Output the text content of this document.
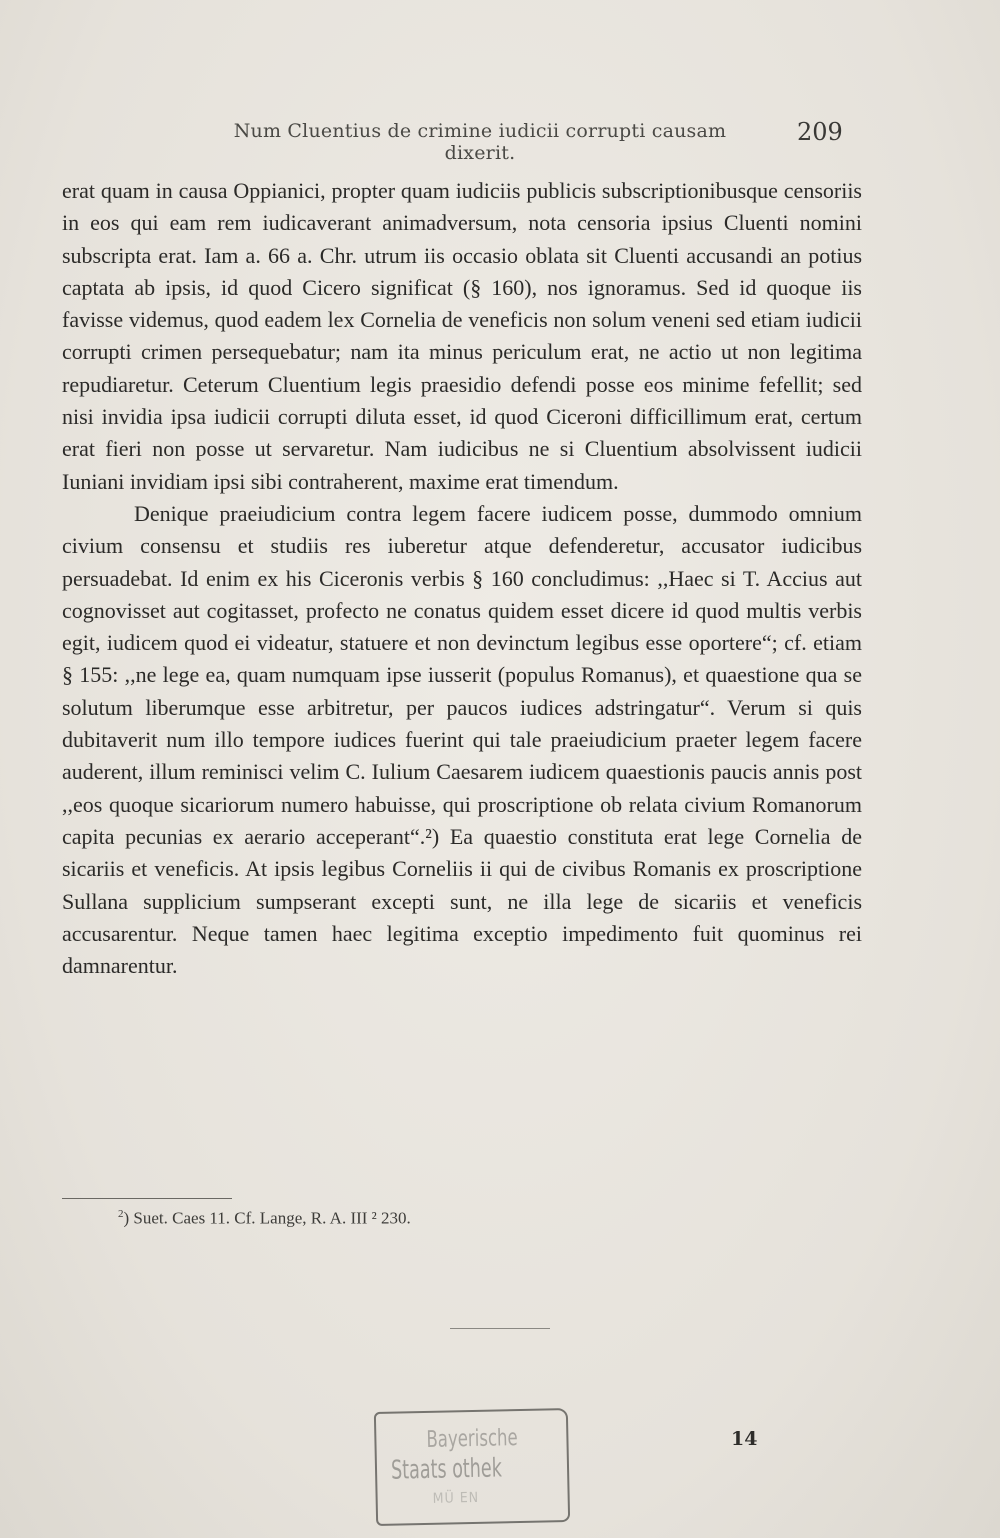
Num Cluentius de crimine iudicii corrupti causam dixerit.
209

erat quam in causa Oppianici, propter quam iudiciis publicis subscriptionibusque censoriis in eos qui eam rem iudicaverant animadversum, nota censoria ipsius Cluenti nomini subscripta erat. Iam a. 66 a. Chr. utrum iis occasio oblata sit Cluenti accusandi an potius captata ab ipsis, id quod Cicero significat (§ 160), nos ignoramus. Sed id quoque iis favisse videmus, quod eadem lex Cornelia de veneficis non solum veneni sed etiam iudicii corrupti crimen persequebatur; nam ita minus periculum erat, ne actio ut non legitima repudiaretur. Ceterum Cluentium legis praesidio defendi posse eos minime fefellit; sed nisi invidia ipsa iudicii corrupti diluta esset, id quod Ciceroni difficillimum erat, certum erat fieri non posse ut servaretur. Nam iudicibus ne si Cluentium absolvissent iudicii Iuniani invidiam ipsi sibi contraherent, maxime erat timendum.

Denique praeiudicium contra legem facere iudicem posse, dummodo omnium civium consensu et studiis res iuberetur atque defenderetur, accusator iudicibus persuadebat. Id enim ex his Ciceronis verbis § 160 concludimus: ,,Haec si T. Accius aut cognovisset aut cogitasset, profecto ne conatus quidem esset dicere id quod multis verbis egit, iudicem quod ei videatur, statuere et non devinctum legibus esse oportere“; cf. etiam § 155: ,,ne lege ea, quam numquam ipse iusserit (populus Romanus), et quaestione qua se solutum liberumque esse arbitretur, per paucos iudices adstringatur“. Verum si quis dubitaverit num illo tempore iudices fuerint qui tale praeiudicium praeter legem facere auderent, illum reminisci velim C. Iulium Caesarem iudicem quaestionis paucis annis post ,,eos quoque sicariorum numero habuisse, qui proscriptione ob relata civium Romanorum capita pecunias ex aerario acceperant“.²) Ea quaestio constituta erat lege Cornelia de sicariis et veneficis. At ipsis legibus Corneliis ii qui de civibus Romanis ex proscriptione Sullana supplicium sumpserant excepti sunt, ne illa lege de sicariis et veneficis accusarentur. Neque tamen haec legitima exceptio impedimento fuit quominus rei damnarentur.

$^2$) Suet. Caes 11. Cf. Lange, R. A. III ² 230.
Bayerische
Staats othek
MÜ EN
14
